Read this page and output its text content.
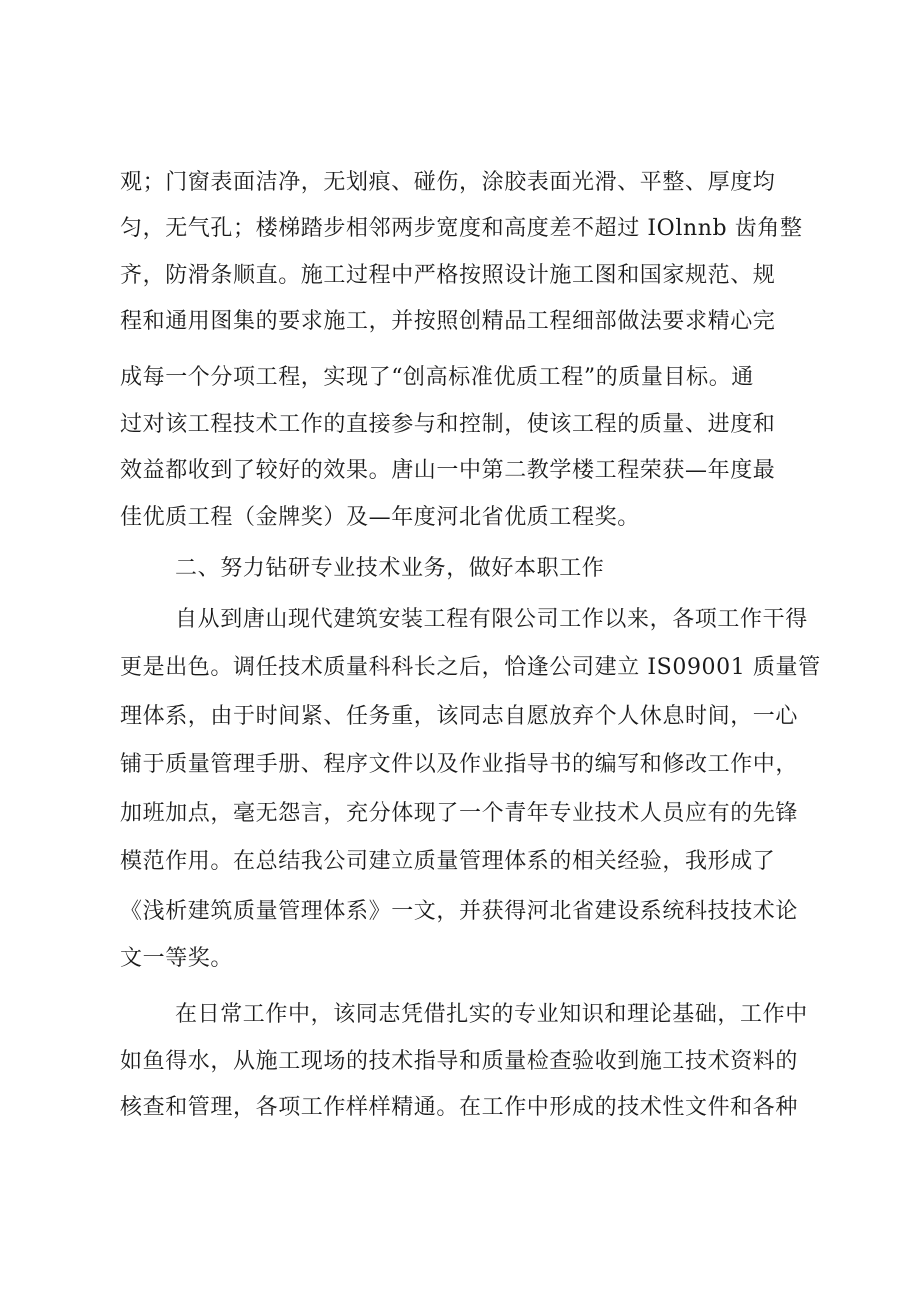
观；门窗表面洁净，无划痕、碰伤，涂胶表面光滑、平整、厚度均
匀，无气孔；楼梯踏步相邻两步宽度和高度差不超过 IOlnnb 齿角整
齐，防滑条顺直。施工过程中严格按照设计施工图和国家规范、规
程和通用图集的要求施工，并按照创精品工程细部做法要求精心完
成每一个分项工程，实现了“创高标准优质工程”的质量目标。通
过对该工程技术工作的直接参与和控制，使该工程的质量、进度和
效益都收到了较好的效果。唐山一中第二教学楼工程荣获—年度最
佳优质工程（金牌奖）及—年度河北省优质工程奖。
二、努力钻研专业技术业务，做好本职工作
自从到唐山现代建筑安装工程有限公司工作以来，各项工作干得
更是出色。调任技术质量科科长之后，恰逢公司建立 IS09001 质量管
理体系，由于时间紧、任务重，该同志自愿放弃个人休息时间，一心
铺于质量管理手册、程序文件以及作业指导书的编写和修改工作中，
加班加点，毫无怨言，充分体现了一个青年专业技术人员应有的先锋
模范作用。在总结我公司建立质量管理体系的相关经验，我形成了
《浅析建筑质量管理体系》一文，并获得河北省建设系统科技技术论
文一等奖。
在日常工作中，该同志凭借扎实的专业知识和理论基础，工作中
如鱼得水，从施工现场的技术指导和质量检查验收到施工技术资料的
核查和管理，各项工作样样精通。在工作中形成的技术性文件和各种
